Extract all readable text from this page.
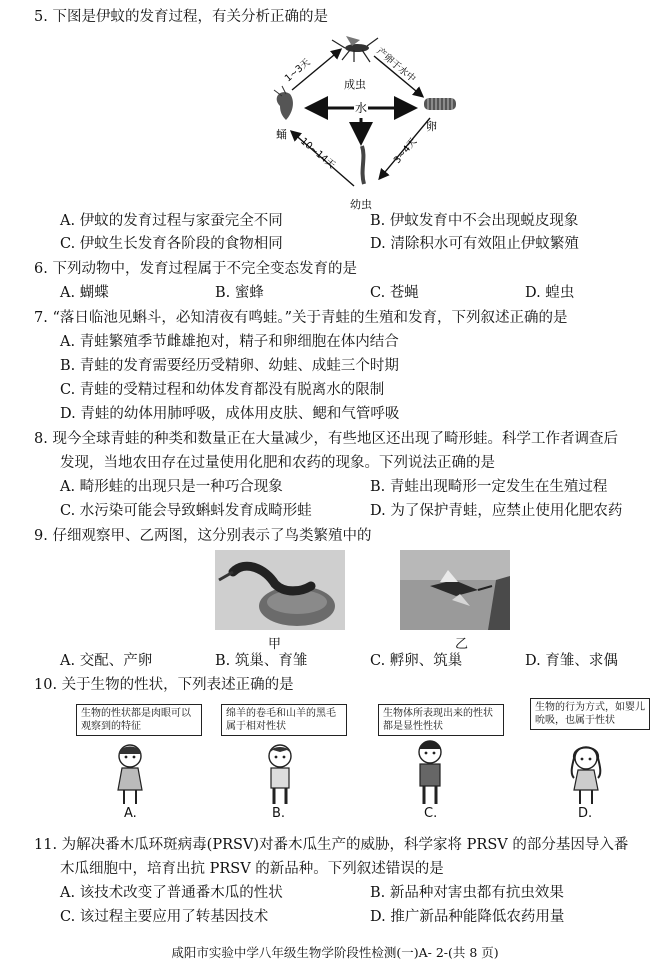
5. 下图是伊蚊的发育过程，有关分析正确的是
水
成虫
卵
幼虫
蛹
产卵于水中
3~4天
10~14天
1~3天
A. 伊蚊的发育过程与家蚕完全不同	B. 伊蚊发育中不会出现蜕皮现象
C. 伊蚊生长发育各阶段的食物相同	D. 清除积水可有效阻止伊蚊繁殖
6. 下列动物中，发育过程属于不完全变态发育的是
A. 蝴蝶	B. 蜜蜂	C. 苍蝇	D. 蝗虫
7. “落日临池见蝌斗，必知清夜有鸣蛙。”关于青蛙的生殖和发育，下列叙述正确的是
A. 青蛙繁殖季节雌雄抱对，精子和卵细胞在体内结合
B. 青蛙的发育需要经历受精卵、幼蛙、成蛙三个时期
C. 青蛙的受精过程和幼体发育都没有脱离水的限制
D. 青蛙的幼体用肺呼吸，成体用皮肤、鳃和气管呼吸
8. 现今全球青蛙的种类和数量正在大量减少，有些地区还出现了畸形蛙。科学工作者调查后
发现，当地农田存在过量使用化肥和农药的现象。下列说法正确的是
A. 畸形蛙的出现只是一种巧合现象	B. 青蛙出现畸形一定发生在生殖过程
C. 水污染可能会导致蝌蚪发育成畸形蛙	D. 为了保护青蛙，应禁止使用化肥农药
9. 仔细观察甲、乙两图，这分别表示了鸟类繁殖中的
甲	乙
A. 交配、产卵	B. 筑巢、育雏	C. 孵卵、筑巢	D. 育雏、求偶
10. 关于生物的性状，下列表述正确的是
生物的性状都是肉眼可以观察到的特征
绵羊的卷毛和山羊的黑毛属于相对性状
生物体所表现出来的性状都是显性性状
生物的行为方式，如婴儿吮吸，也属于性状
A.	B.	C.	D.
11. 为解决番木瓜环斑病毒(PRSV)对番木瓜生产的威胁，科学家将 PRSV 的部分基因导入番
木瓜细胞中，培育出抗 PRSV 的新品种。下列叙述错误的是
A. 该技术改变了普通番木瓜的性状	B. 新品种对害虫都有抗虫效果
C. 该过程主要应用了转基因技术	D. 推广新品种能降低农药用量
咸阳市实验中学八年级生物学阶段性检测(一)A- 2-(共 8 页)
